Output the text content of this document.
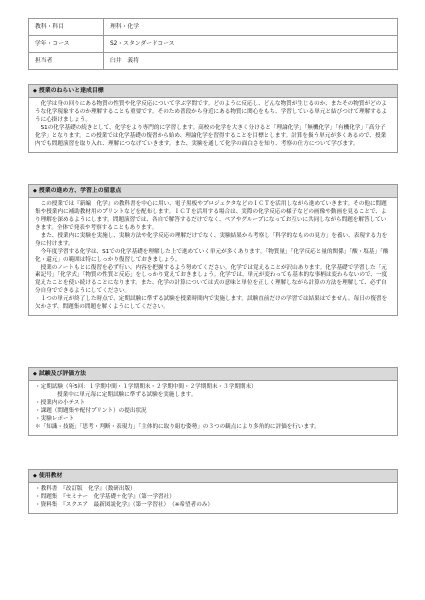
教科・科目	理科・化学
学年・コース	S2・スタンダードコース
担当者	臼井　義将
◆ 授業のねらいと達成目標

化学は身の回りにある物質の性質や化学反応について学ぶ学問です。どのように反応し、どんな物質が生じるのか、またその物質がどのような化学現象するのか理解することも重要です。そのため普段から身近にある物質に関心をもち、学習している単元と結びつけて理解するように心掛けましょう。

S1の化学基礎の続きとして、化学をより専門的に学習します。高校の化学を大きく分けると「理論化学」「無機化学」「有機化学」「高分子化学」となります。この授業では化学基礎の復習から始め、理論化学を習得することを目標とします。計算を扱う単元が多くあるので、授業内でも問題演習を取り入れ、理解につなげていきます。また、実験を通して化学の面白さを知り、考察の仕方について学びます。

◆ 授業の進め方、学習上の留意点

この授業では『新編　化学』の教科書を中心に用い、電子黒板やプロジェクタなどのＩＣＴを活用しながら進めていきます。その他に問題集や授業内に補助教材用のプリントなどを配布します。ＩＣＴを活用する場合は、実際の化学反応の様子などの画像や動画を見ることで、より理解を深めるようにします。問題演習では、各自で解答するだけでなく、ペアやグループになってお互いに共同しながら問題を解答していきます。全体で発表や考察することもあります。

また、授業内に実験を実施し、実験方法や化学反応の理解だけでなく、実験結果から考察し「科学的なものの見方」を養い、表現する力を身に付けます。

今年度学習する化学は、S1での化学基礎を理解した上で進めていく単元が多くあります。「物質量」「化学反応と量的関係」「酸・塩基」「酸化・還元」の範囲は特にしっかり復習しておきましょう。

授業のノートもとに復習を必ず行い、内容を把握するよう努めてください。化学では覚えることが沢山あります。化学基礎で学習した「元素記号」「化学式」「物質の性質と反応」をしっかり覚えておきましょう。化学では、単元が変わっても基本的な事柄は変わらないので、一度覚えたことを使い続けることになります。また、化学の計算については式の意味と単位を正しく理解しながら計算の方法を理解して、必ず自分自身でできるようにしてください。

１つの単元が終了した時点で、定期試験に準ずる試験を授業時間内で実施します。試験直前だけの学習では結果はでません。毎日の復習を欠かさず、問題集の問題を解くようにしてください。

◆ 試験及び評価方法
・定期試験（年5回：１学期中間・１学期期末・２学期中間・２学期期末・３学期期末）
授業中に単元毎に定期試験に準ずる試験を実施します。
・授業内の小テスト
・課題（問題集や配付プリント）の提出状況
・実験レポート
＊「知識・技能」「思考・判断・表現力」「主体的に取り組む姿勢」の３つの観点により多角的に評価を行います。
◆ 使用教材
・教科書　『改訂版　化学』（数研出版）
・問題集　『セミナー　化学基礎＋化学』（第一学習社）
・資料集　『スクエア　最新図説化学』（第一学習社）　（※希望者のみ）
